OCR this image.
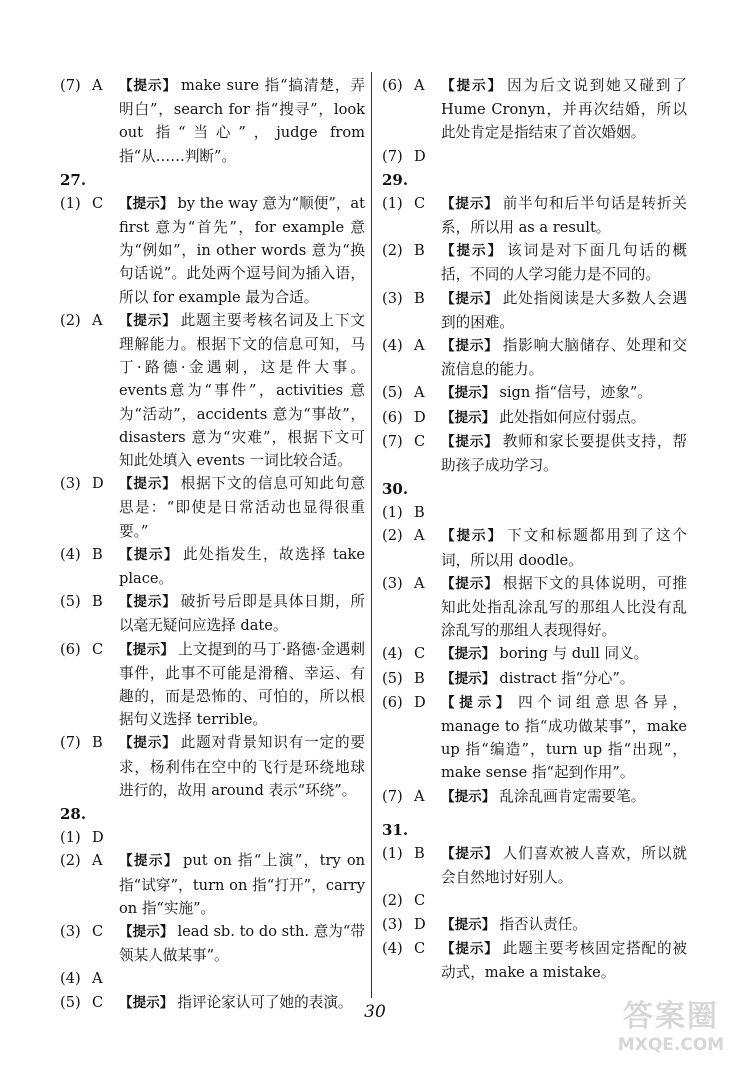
(7) A	【提示】 make sure 指“搞清楚，弄明白”，search for 指“搜寻”，look out 指“当心”，judge from 指“从……判断”。
27.
(1) C	【提示】 by the way 意为“顺便”，at first 意为“首先”，for example 意为“例如”，in other words 意为“换句话说”。此处两个逗号间为插入语，所以 for example 最为合适。
(2) A	【提示】 此题主要考核名词及上下文理解能力。根据下文的信息可知，马丁·路德·金遇刺，这是件大事。events意为“事件”，activities 意为“活动”，accidents 意为“事故”，disasters 意为“灾难”，根据下文可知此处填入 events 一词比较合适。
(3) D	【提示】 根据下文的信息可知此句意思是：“即使是日常活动也显得很重要。”
(4) B	【提示】 此处指发生，故选择 take place。
(5) B	【提示】 破折号后即是具体日期，所以毫无疑问应选择 date。
(6) C	【提示】 上文提到的马丁·路德·金遇刺事件，此事不可能是滑稽、幸运、有趣的，而是恐怖的、可怕的，所以根据句义选择 terrible。
(7) B	【提示】 此题对背景知识有一定的要求，杨利伟在空中的飞行是环绕地球进行的，故用 around 表示“环绕”。
28.
(1) D
(2) A	【提示】 put on 指“上演”，try on 指“试穿”，turn on 指“打开”，carry on 指“实施”。
(3) C	【提示】 lead sb. to do sth. 意为“带领某人做某事”。
(4) A
(5) C	【提示】 指评论家认可了她的表演。
(6) A	【提示】 因为后文说到她又碰到了 Hume Cronyn，并再次结婚，所以此处肯定是指结束了首次婚姻。
(7) D
29.
(1) C	【提示】 前半句和后半句话是转折关系，所以用 as a result。
(2) B	【提示】 该词是对下面几句话的概括，不同的人学习能力是不同的。
(3) B	【提示】 此处指阅读是大多数人会遇到的困难。
(4) A	【提示】 指影响大脑储存、处理和交流信息的能力。
(5) A	【提示】 sign 指“信号，迹象”。
(6) D	【提示】 此处指如何应付弱点。
(7) C	【提示】 教师和家长要提供支持，帮助孩子成功学习。
30.
(1) B
(2) A	【提示】 下文和标题都用到了这个词，所以用 doodle。
(3) A	【提示】 根据下文的具体说明，可推知此处指乱涂乱写的那组人比没有乱涂乱写的那组人表现得好。
(4) C	【提示】 boring 与 dull 同义。
(5) B	【提示】 distract 指“分心”。
(6) D	【提示】 四个词组意思各异，manage to 指“成功做某事”，make up 指“编造”，turn up 指“出现”，make sense 指“起到作用”。
(7) A	【提示】 乱涂乱画肯定需要笔。
31.
(1) B	【提示】 人们喜欢被人喜欢，所以就会自然地讨好别人。
(2) C
(3) D	【提示】 指否认责任。
(4) C	【提示】 此题主要考核固定搭配的被动式，make a mistake。
30	答案圈
MXQE.COM
